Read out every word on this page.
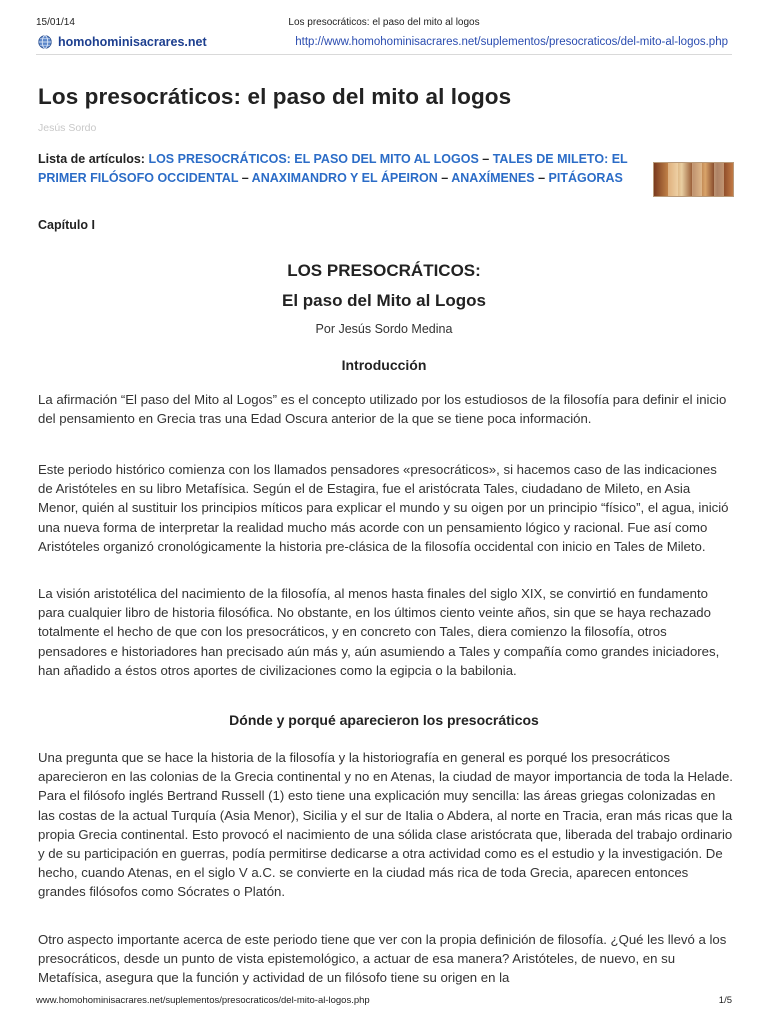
15/01/14	Los presocráticos: el paso del mito al logos
homohominisacrares.net	http://www.homohominisacrares.net/suplementos/presocraticos/del-mito-al-logos.php
Los presocráticos: el paso del mito al logos
Jesús Sordo
Lista de artículos: LOS PRESOCRÁTICOS: EL PASO DEL MITO AL LOGOS – TALES DE MILETO: EL PRIMER FILÓSOFO OCCIDENTAL – ANAXIMANDRO Y EL ÁPEIRON – ANAXÍMENES – PITÁGORAS
Capítulo I
LOS PRESOCRÁTICOS:
El paso del Mito al Logos
Por Jesús Sordo Medina
Introducción

La afirmación “El paso del Mito al Logos” es el concepto utilizado por los estudiosos de la filosofía para definir el inicio del pensamiento en Grecia tras una Edad Oscura anterior de la que se tiene poca información.

Este periodo histórico comienza con los llamados pensadores «presocráticos», si hacemos caso de las indicaciones de Aristóteles en su libro Metafísica. Según el de Estagira, fue el aristócrata Tales, ciudadano de Mileto, en Asia Menor, quién al sustituir los principios míticos para explicar el mundo y su oigen por un principio “físico”, el agua, inició una nueva forma de interpretar la realidad mucho más acorde con un pensamiento lógico y racional. Fue así como Aristóteles organizó cronológicamente la historia pre-clásica de la filosofía occidental con inicio en Tales de Mileto.

La visión aristotélica del nacimiento de la filosofía, al menos hasta finales del siglo XIX, se convirtió en fundamento para cualquier libro de historia filosófica. No obstante, en los últimos ciento veinte años, sin que se haya rechazado totalmente el hecho de que con los presocráticos, y en concreto con Tales, diera comienzo la filosofía, otros pensadores e historiadores han precisado aún más y, aún asumiendo a Tales y compañía como grandes iniciadores, han añadido a éstos otros aportes de civilizaciones como la egipcia o la babilonia.

Dónde y porqué aparecieron los presocráticos

Una pregunta que se hace la historia de la filosofía y la historiografía en general es porqué los presocráticos aparecieron en las colonias de la Grecia continental y no en Atenas, la ciudad de mayor importancia de toda la Helade. Para el filósofo inglés Bertrand Russell (1) esto tiene una explicación muy sencilla: las áreas griegas colonizadas en las costas de la actual Turquía (Asia Menor), Sicilia y el sur de Italia o Abdera, al norte en Tracia, eran más ricas que la propia Grecia continental. Esto provocó el nacimiento de una sólida clase aristócrata que, liberada del trabajo ordinario y de su participación en guerras, podía permitirse dedicarse a otra actividad como es el estudio y la investigación. De hecho, cuando Atenas, en el siglo V a.C. se convierte en la ciudad más rica de toda Grecia, aparecen entonces grandes filósofos como Sócrates o Platón.

Otro aspecto importante acerca de este periodo tiene que ver con la propia definición de filosofía. ¿Qué les llevó a los presocráticos, desde un punto de vista epistemológico, a actuar de esa manera? Aristóteles, de nuevo, en su Metafísica, asegura que la función y actividad de un filósofo tiene su origen en la

www.homohominisacrares.net/suplementos/presocraticos/del-mito-al-logos.php	1/5
